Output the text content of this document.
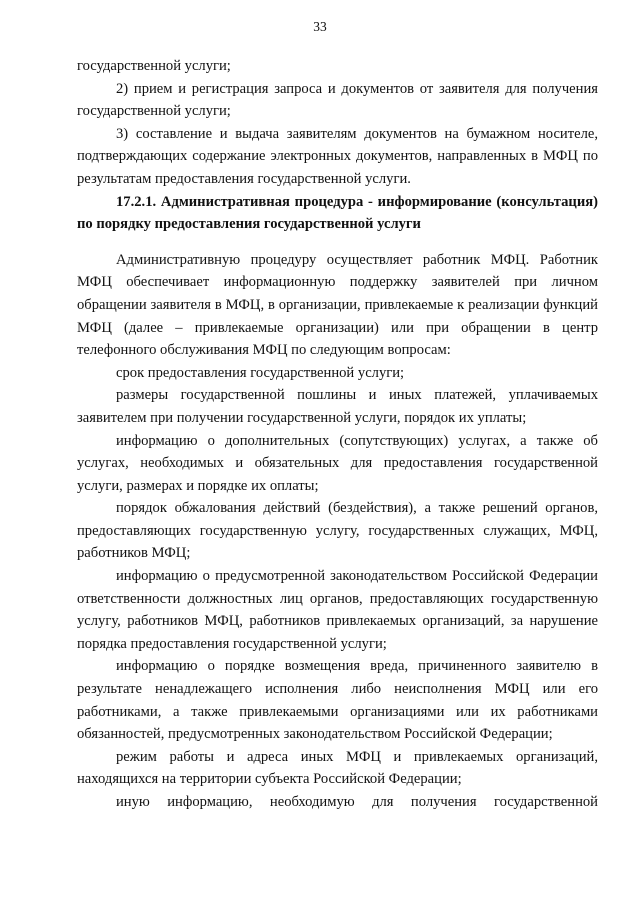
33

государственной услуги;

2) прием и регистрация запроса и документов от заявителя для получения государственной услуги;

3) составление и выдача заявителям документов на бумажном носителе, подтверждающих содержание электронных документов, направленных в МФЦ по результатам предоставления государственной услуги.

17.2.1. Административная процедура - информирование (консультация) по порядку предоставления государственной услуги

Административную процедуру осуществляет работник МФЦ. Работник МФЦ обеспечивает информационную поддержку заявителей при личном обращении заявителя в МФЦ, в организации, привлекаемые к реализации функций МФЦ (далее – привлекаемые организации) или при обращении в центр телефонного обслуживания МФЦ по следующим вопросам:

срок предоставления государственной услуги;

размеры государственной пошлины и иных платежей, уплачиваемых заявителем при получении государственной услуги, порядок их уплаты;

информацию о дополнительных (сопутствующих) услугах, а также об услугах, необходимых и обязательных для предоставления государственной услуги, размерах и порядке их оплаты;

порядок обжалования действий (бездействия), а также решений органов, предоставляющих государственную услугу, государственных служащих, МФЦ, работников МФЦ;

информацию о предусмотренной законодательством Российской Федерации ответственности должностных лиц органов, предоставляющих государственную услугу, работников МФЦ, работников привлекаемых организаций, за нарушение порядка предоставления государственной услуги;

информацию о порядке возмещения вреда, причиненного заявителю в результате ненадлежащего исполнения либо неисполнения МФЦ или его работниками, а также привлекаемыми организациями или их работниками обязанностей, предусмотренных законодательством Российской Федерации;

режим работы и адреса иных МФЦ и привлекаемых организаций, находящихся на территории субъекта Российской Федерации;

иную информацию, необходимую для получения государственной
